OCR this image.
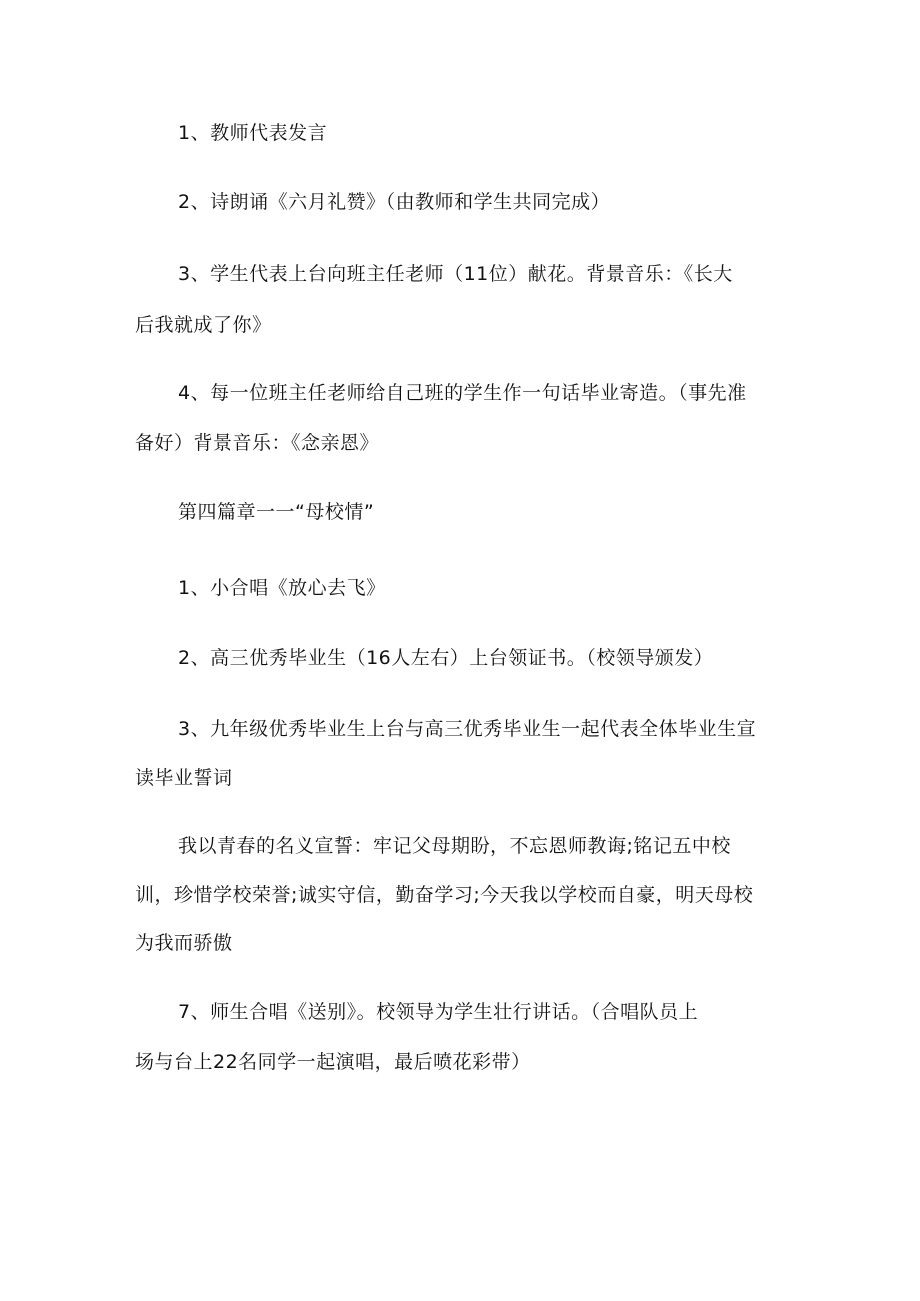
1、教师代表发言
2、诗朗诵《六月礼赞》（由教师和学生共同完成）
3、学生代表上台向班主任老师（11位）献花。背景音乐：《长大
后我就成了你》
4、每一位班主任老师给自己班的学生作一句话毕业寄造。（事先准
备好）背景音乐：《念亲恩》
第四篇章一一“母校情”
1、小合唱《放心去飞》
2、高三优秀毕业生（16人左右）上台领证书。（校领导颁发）
3、九年级优秀毕业生上台与高三优秀毕业生一起代表全体毕业生宣
读毕业誓词
我以青春的名义宣誓：牢记父母期盼，不忘恩师教诲;铭记五中校
训，珍惜学校荣誉;诚实守信，勤奋学习;今天我以学校而自豪，明天母校
为我而骄傲
7、师生合唱《送别》。校领导为学生壮行讲话。（合唱队员上
场与台上22名同学一起演唱，最后喷花彩带）
